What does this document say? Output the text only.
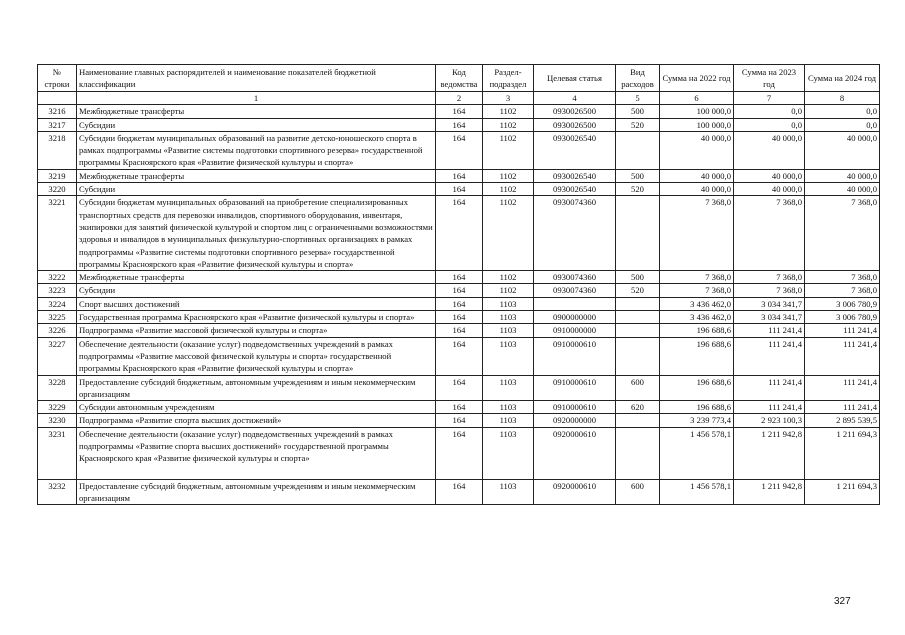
№ строки	Наименование главных распорядителей и наименование показателей бюджетной классификации	Код ведомства	Раздел-подраздел	Целевая статья	Вид расходов	Сумма на 2022 год	Сумма на 2023 год	Сумма на 2024 год
	1	2	3	4	5	6	7	8
3216	Межбюджетные трансферты	164	1102	0930026500	500	100 000,0	0,0	0,0
3217	Субсидии	164	1102	0930026500	520	100 000,0	0,0	0,0
3218	Субсидии бюджетам муниципальных образований на развитие детско-юношеского спорта в рамках подпрограммы «Развитие системы подготовки спортивного резерва» государственной программы Красноярского края «Развитие физической культуры и спорта»	164	1102	0930026540		40 000,0	40 000,0	40 000,0
3219	Межбюджетные трансферты	164	1102	0930026540	500	40 000,0	40 000,0	40 000,0
3220	Субсидии	164	1102	0930026540	520	40 000,0	40 000,0	40 000,0
3221	Субсидии бюджетам муниципальных образований на приобретение специализированных транспортных средств для перевозки инвалидов, спортивного оборудования, инвентаря, экипировки для занятий физической культурой и спортом лиц с ограниченными возможностями здоровья и инвалидов в муниципальных физкультурно-спортивных организациях в рамках подпрограммы «Развитие системы подготовки спортивного резерва» государственной программы Красноярского края «Развитие физической культуры и спорта»	164	1102	0930074360		7 368,0	7 368,0	7 368,0
3222	Межбюджетные трансферты	164	1102	0930074360	500	7 368,0	7 368,0	7 368,0
3223	Субсидии	164	1102	0930074360	520	7 368,0	7 368,0	7 368,0
3224	Спорт высших достижений	164	1103			3 436 462,0	3 034 341,7	3 006 780,9
3225	Государственная программа Красноярского края «Развитие физической культуры и спорта»	164	1103	0900000000		3 436 462,0	3 034 341,7	3 006 780,9
3226	Подпрограмма «Развитие массовой физической культуры и спорта»	164	1103	0910000000		196 688,6	111 241,4	111 241,4
3227	Обеспечение деятельности (оказание услуг) подведомственных учреждений в рамках подпрограммы «Развитие массовой физической культуры и спорта» государственной программы Красноярского края «Развитие физической культуры и спорта»	164	1103	0910000610		196 688,6	111 241,4	111 241,4
3228	Предоставление субсидий бюджетным, автономным учреждениям и иным некоммерческим организациям	164	1103	0910000610	600	196 688,6	111 241,4	111 241,4
3229	Субсидии автономным учреждениям	164	1103	0910000610	620	196 688,6	111 241,4	111 241,4
3230	Подпрограмма «Развитие спорта высших достижений»	164	1103	0920000000		3 239 773,4	2 923 100,3	2 895 539,5
3231	Обеспечение деятельности (оказание услуг) подведомственных учреждений в рамках подпрограммы «Развитие спорта высших достижений» государственной программы Красноярского края «Развитие физической культуры и спорта»	164	1103	0920000610		1 456 578,1	1 211 942,8	1 211 694,3
3232	Предоставление субсидий бюджетным, автономным учреждениям и иным некоммерческим организациям	164	1103	0920000610	600	1 456 578,1	1 211 942,8	1 211 694,3
327
